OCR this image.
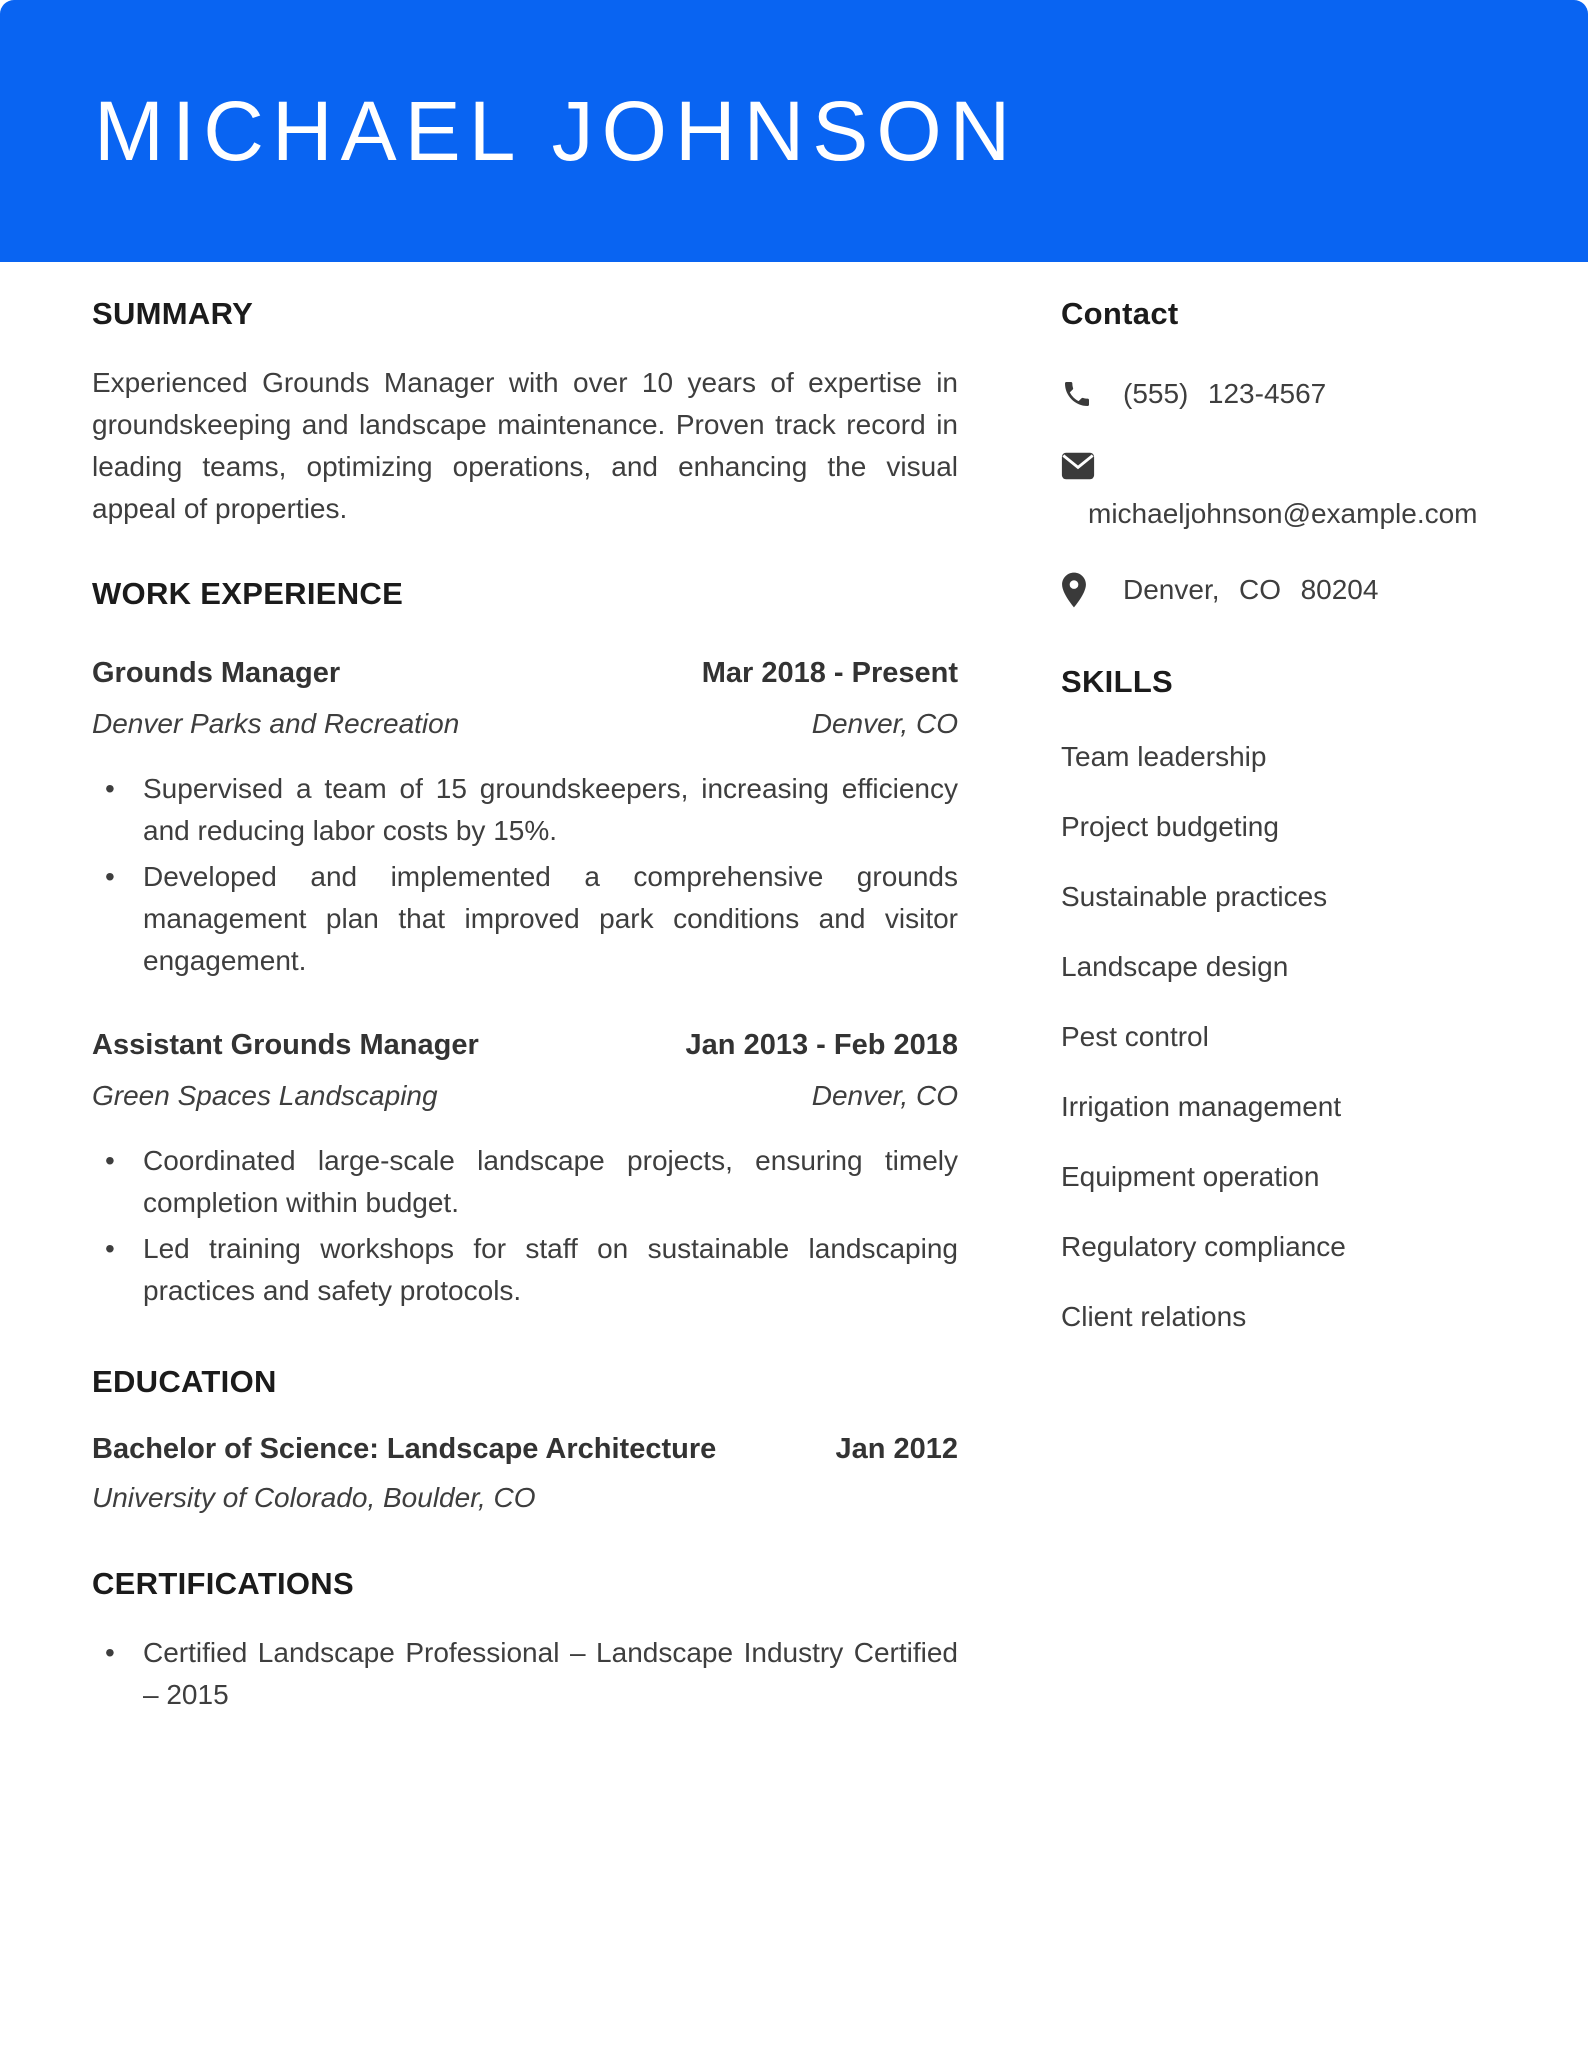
MICHAEL JOHNSON
SUMMARY

Experienced Grounds Manager with over 10 years of expertise in groundskeeping and landscape maintenance. Proven track record in leading teams, optimizing operations, and enhancing the visual appeal of properties.

WORK EXPERIENCE
Grounds Manager	Mar 2018 - Present
Denver Parks and Recreation	Denver, CO
• Supervised a team of 15 groundskeepers, increasing efficiency and reducing labor costs by 15%.
• Developed and implemented a comprehensive grounds management plan that improved park conditions and visitor engagement.
Assistant Grounds Manager	Jan 2013 - Feb 2018
Green Spaces Landscaping	Denver, CO
• Coordinated large-scale landscape projects, ensuring timely completion within budget.
• Led training workshops for staff on sustainable landscaping practices and safety protocols.
EDUCATION
Bachelor of Science: Landscape Architecture	Jan 2012
University of Colorado, Boulder, CO
CERTIFICATIONS
• Certified Landscape Professional – Landscape Industry Certified – 2015
Contact
(555) 123-4567
michaeljohnson@example.com
Denver, CO 80204
SKILLS
Team leadership
Project budgeting
Sustainable practices
Landscape design
Pest control
Irrigation management
Equipment operation
Regulatory compliance
Client relations
